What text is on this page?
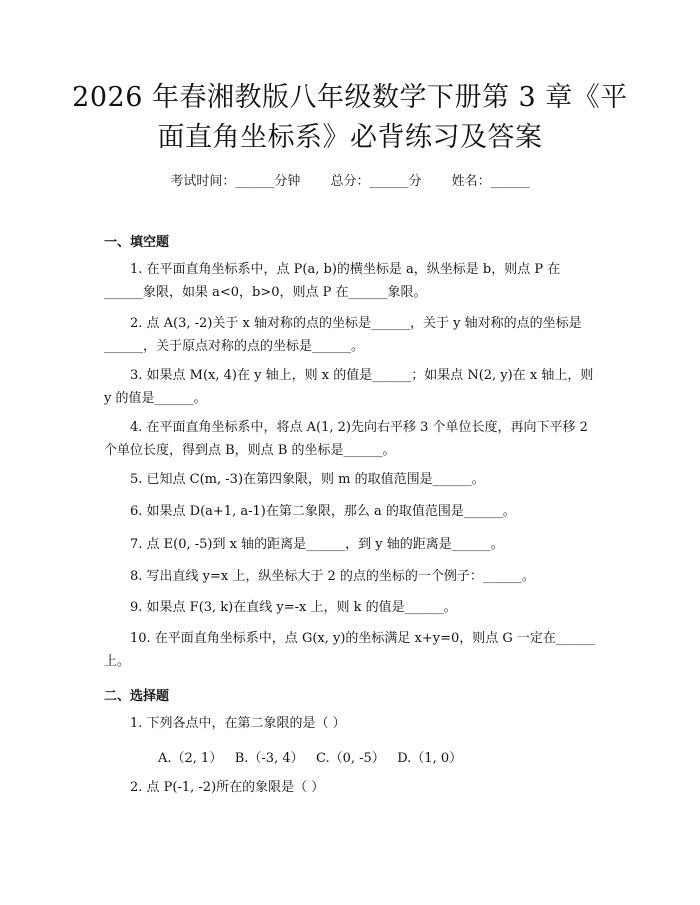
2026 年春湘教版八年级数学下册第 3 章《平
面直角坐标系》必背练习及答案
考试时间：______分钟 总分：______分 姓名：______
一、填空题
1. 在平面直角坐标系中，点 P(a, b)的横坐标是 a，纵坐标是 b，则点 P 在______象限，如果 a<0，b>0，则点 P 在______象限。
2. 点 A(3, -2)关于 x 轴对称的点的坐标是______，关于 y 轴对称的点的坐标是______，关于原点对称的点的坐标是______。
3. 如果点 M(x, 4)在 y 轴上，则 x 的值是______；如果点 N(2, y)在 x 轴上，则 y 的值是______。
4. 在平面直角坐标系中，将点 A(1, 2)先向右平移 3 个单位长度，再向下平移 2 个单位长度，得到点 B，则点 B 的坐标是______。
5. 已知点 C(m, -3)在第四象限，则 m 的取值范围是______。
6. 如果点 D(a+1, a-1)在第二象限，那么 a 的取值范围是______。
7. 点 E(0, -5)到 x 轴的距离是______，到 y 轴的距离是______。
8. 写出直线 y=x 上，纵坐标大于 2 的点的坐标的一个例子：______。
9. 如果点 F(3, k)在直线 y=-x 上，则 k 的值是______。
10. 在平面直角坐标系中，点 G(x, y)的坐标满足 x+y=0，则点 G 一定在______上。
二、选择题
1. 下列各点中，在第二象限的是（ ）
A.（2, 1）   B.（-3, 4）   C.（0, -5）   D.（1, 0）
2. 点 P(-1, -2)所在的象限是（ ）
